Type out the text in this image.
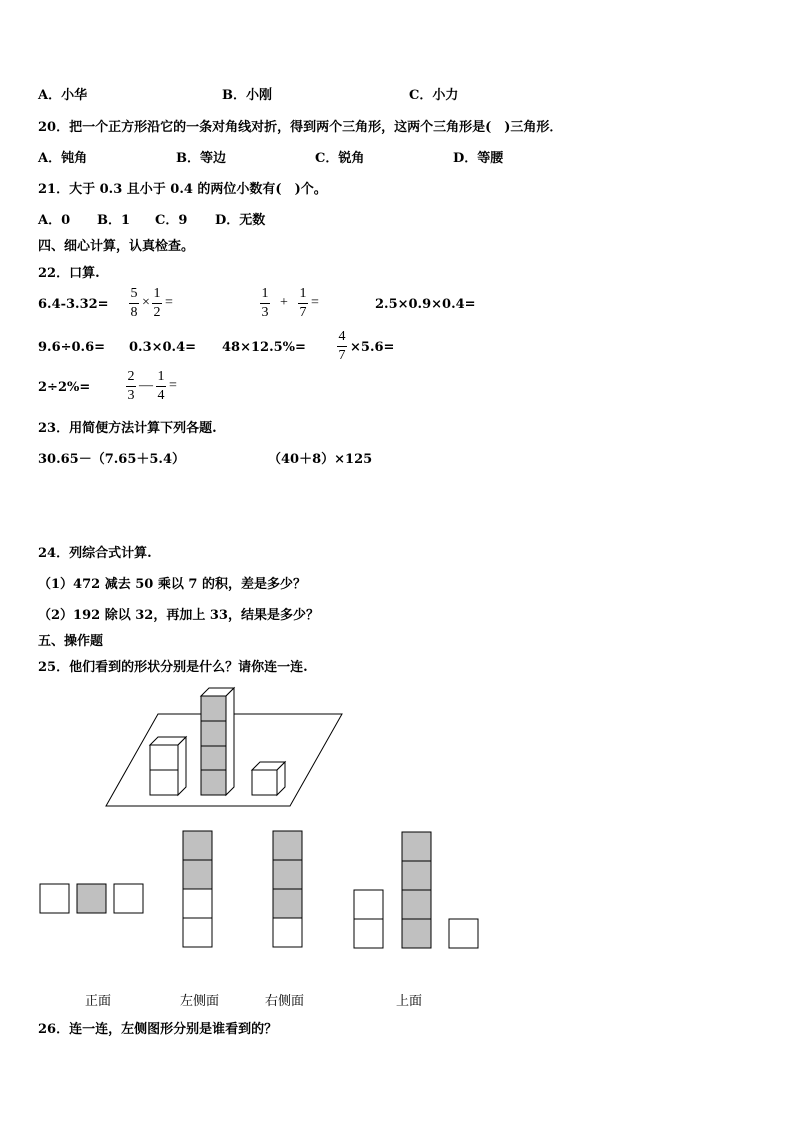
A．小华	B．小刚	C．小力
20．把一个正方形沿它的一条对角线对折，得到两个三角形，这两个三角形是(　)三角形．
A．钝角	B．等边	C．锐角	D．等腰
21．大于 0.3 且小于 0.4 的两位小数有(　)个。
A．0 B．1 C．9 D．无数
四、细心计算，认真检查。
22．口算.
6.4-3.32=
5
8
×
1
2
=
1
3
+
1
7
=	2.5×0.9×0.4=
9.6÷0.6= 0.3×0.4= 48×12.5%=
4
7
×5.6=
2÷2%=
2
3
—
1
4
=
23．用简便方法计算下列各题.
30.65－（7.65＋5.4）	（40＋8）×125
24．列综合式计算.
（1）472 减去 50 乘以 7 的积，差是多少？
（2）192 除以 32，再加上 33，结果是多少？
五、操作题
25．他们看到的形状分别是什么？请你连一连.
正面	左侧面	右侧面	上面
26．连一连，左侧图形分别是谁看到的？
